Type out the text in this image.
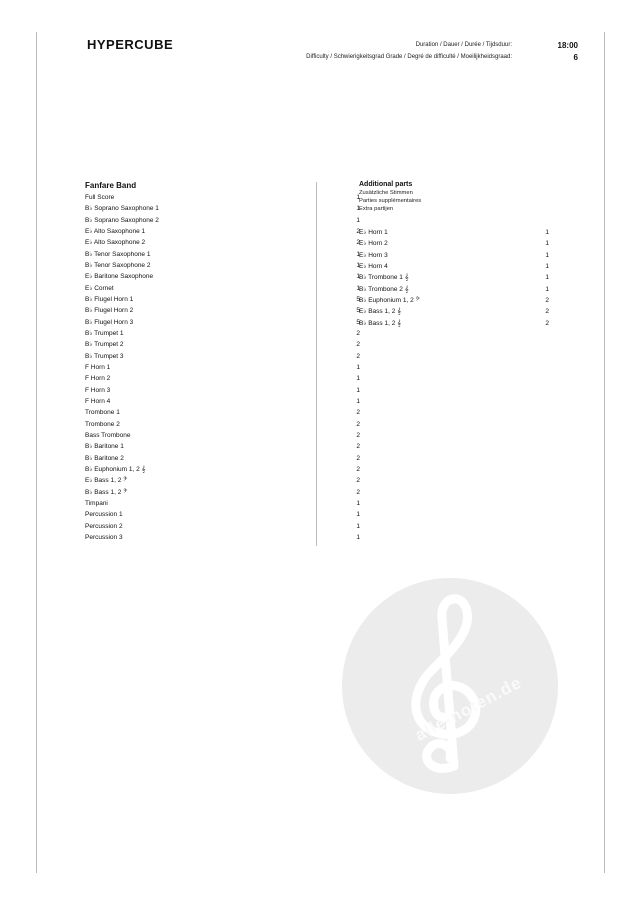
HYPERCUBE	Duration / Dauer / Durée / Tijdsduur:	18:00
Difficulty / Schwierigkeitsgrad Grade / Degré de difficulté / Moeilijkheidsgraad:	6
Fanfare Band
Full Score	1
B♭ Soprano Saxophone 1	1
B♭ Soprano Saxophone 2	1
E♭ Alto Saxophone 1	2
E♭ Alto Saxophone 2	2
B♭ Tenor Saxophone 1	1
B♭ Tenor Saxophone 2	1
E♭ Baritone Saxophone	1
E♭ Cornet	1
B♭ Flugel Horn 1	5
B♭ Flugel Horn 2	5
B♭ Flugel Horn 3	5
B♭ Trumpet 1	2
B♭ Trumpet 2	2
B♭ Trumpet 3	2
F Horn 1	1
F Horn 2	1
F Horn 3	1
F Horn 4	1
Trombone 1	2
Trombone 2	2
Bass Trombone	2
B♭ Baritone 1	2
B♭ Baritone 2	2
B♭ Euphonium 1, 2 𝄞	2
E♭ Bass 1, 2 𝄢	2
B♭ Bass 1, 2 𝄢	2
Timpani	1
Percussion 1	1
Percussion 2	1
Percussion 3	1
Additional parts
Zusätzliche Stimmen
Parties supplémentaires
Extra partijen
E♭ Horn 1	1
E♭ Horn 2	1
E♭ Horn 3	1
E♭ Horn 4	1
B♭ Trombone 1 𝄞	1
B♭ Trombone 2 𝄞	1
B♭ Euphonium 1, 2 𝄢	2
E♭ Bass 1, 2 𝄞	2
B♭ Bass 1, 2 𝄞	2
alle-noten.de
